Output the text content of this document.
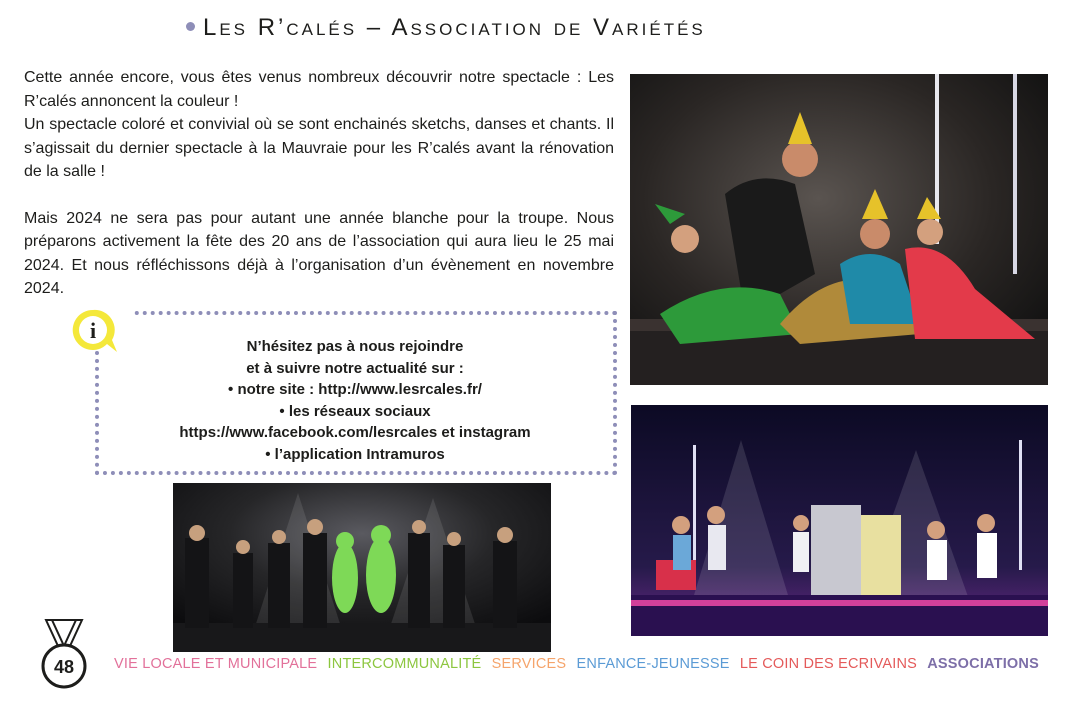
Les R’calés – Association de Variétés

Cette année encore, vous êtes venus nombreux découvrir notre spectacle : Les R’calés annoncent la couleur !

Un spectacle coloré et convivial où se sont enchainés sketchs, danses et chants. Il s’agissait du dernier spectacle à la Mauvraie pour les R’calés avant la rénovation de la salle !

Mais 2024 ne sera pas pour autant une année blanche pour la troupe. Nous préparons activement la fête des 20 ans de l’association qui aura lieu le 25 mai 2024. Et nous réfléchissons déjà à l’organisation d’un évènement en novembre 2024.

i
N’hésitez pas à nous rejoindre
et à suivre notre actualité sur :
• notre site : http://www.lesrcales.fr/
• les réseaux sociaux
https://www.facebook.com/lesrcales et instagram
• l’application Intramuros
48	VIE LOCALE ET MUNICIPALE INTERCOMMUNALITÉ SERVICES ENFANCE-JEUNESSE LE COIN DES ECRIVAINS ASSOCIATIONS
